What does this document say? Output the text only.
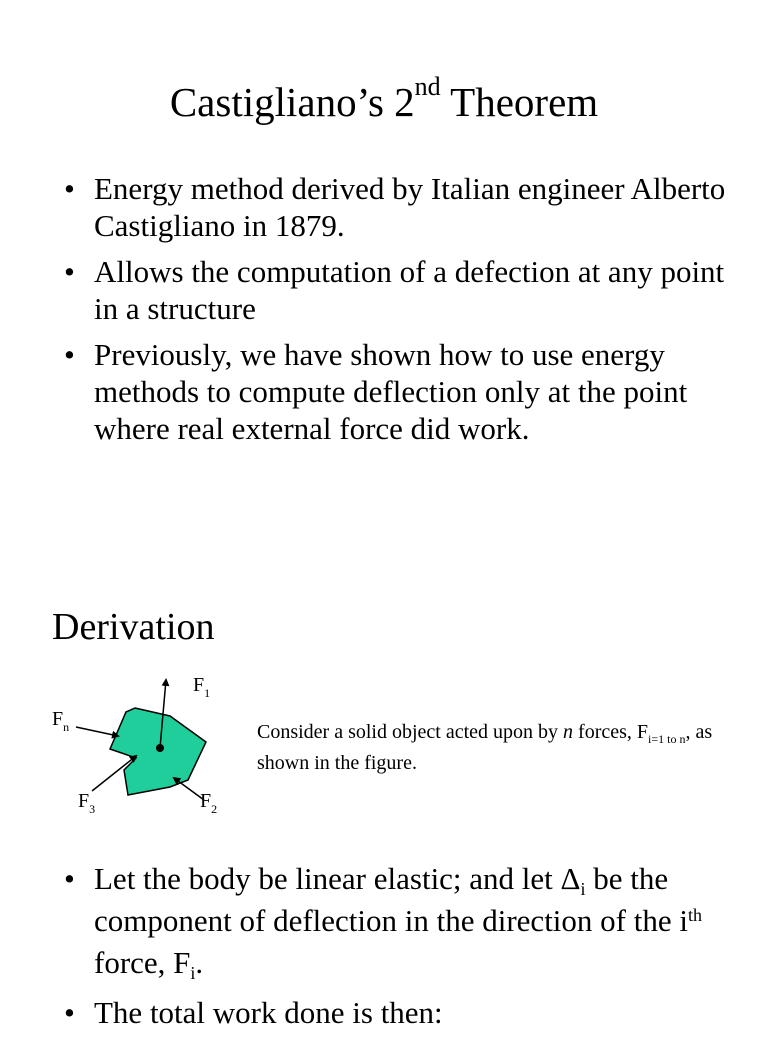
Castigliano’s 2nd Theorem
• Energy method derived by Italian engineer Alberto Castigliano in 1879.
• Allows the computation of a defection at any point in a structure
• Previously, we have shown how to use energy methods to compute deflection only at the point where real external force did work.
Derivation
$F_1$
$F_n$
$F_3$	$F_2$
Consider a solid object acted upon by n forces, $F_{i=1 to n}$, as shown in the figure.
• Let the body be linear elastic; and let $\Delta_i$ be the component of deflection in the direction of the $i^{th}$ force, $F_i$.
• The total work done is then:
